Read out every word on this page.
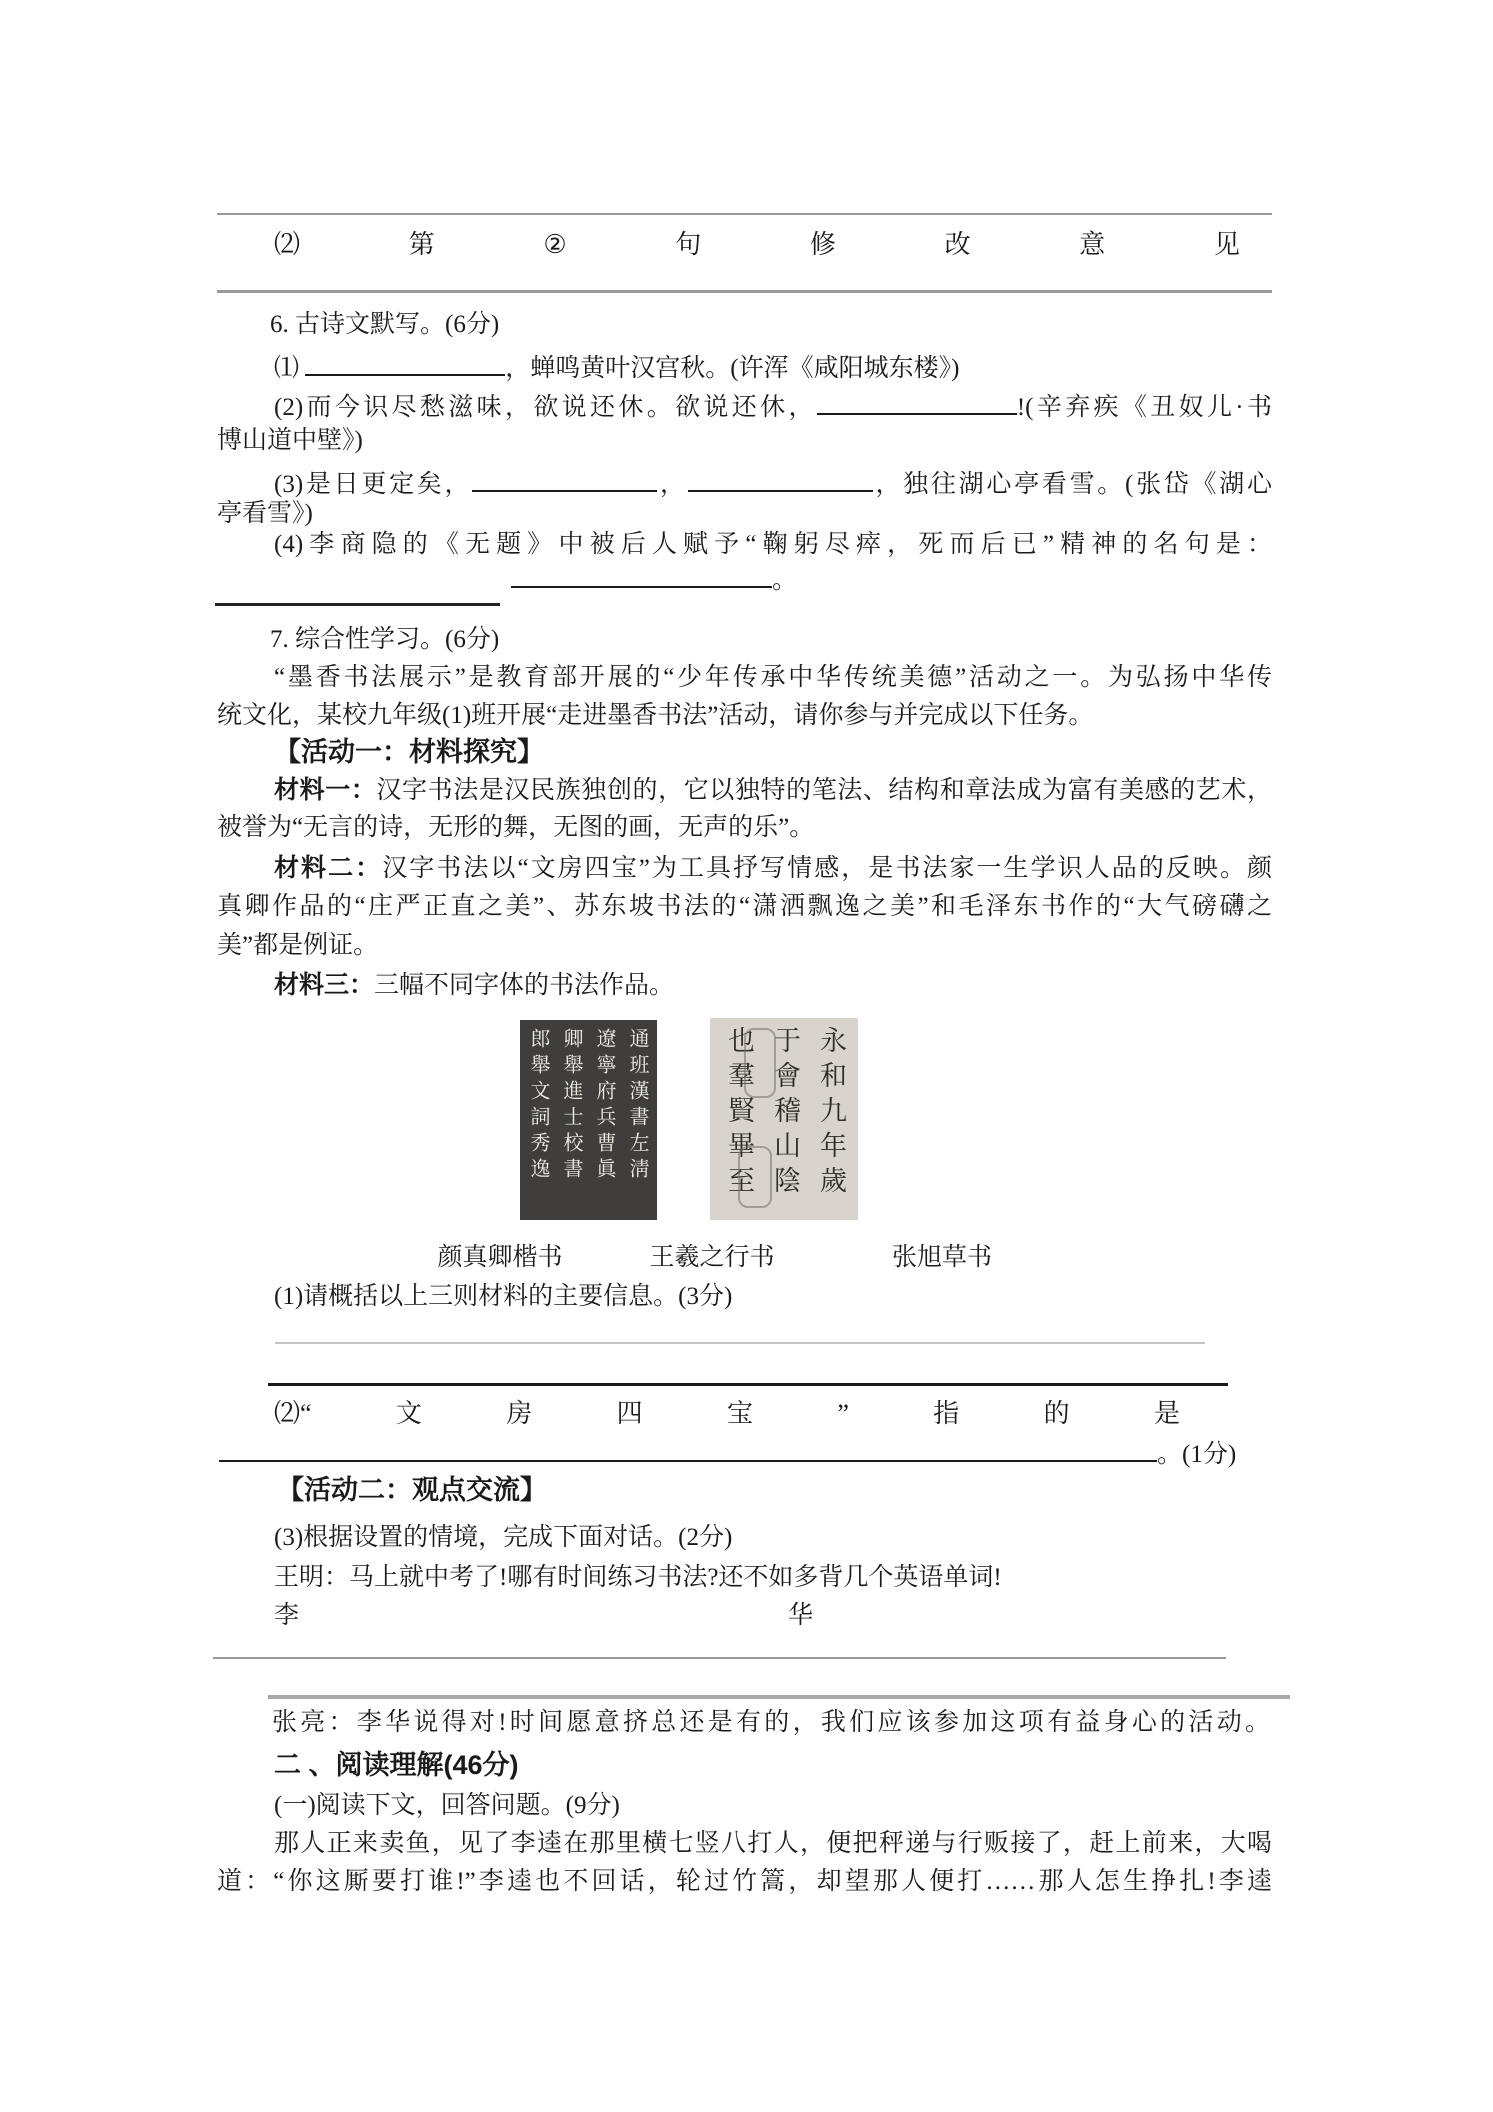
⑵	第	②	句	修	改	意	见
6. 古诗文默写。(6分)
⑴	，蝉鸣黄叶汉宫秋。(许浑《咸阳城东楼》)
(2)而今识尽愁滋味，欲说还休。欲说还休，	!(辛弃疾《丑奴儿·书
博山道中壁》)
(3)是日更定矣，	，	，独往湖心亭看雪。(张岱《湖心
亭看雪》)
(4)李商隐的《无题》中被后人赋予“鞠躬尽瘁，死而后已”精神的名句是：
。
7. 综合性学习。(6分)
“墨香书法展示”是教育部开展的“少年传承中华传统美德”活动之一。为弘扬中华传
统文化，某校九年级(1)班开展“走进墨香书法”活动，请你参与并完成以下任务。
【活动一：材料探究】
材料一：汉字书法是汉民族独创的，它以独特的笔法、结构和章法成为富有美感的艺术，
被誉为“无言的诗，无形的舞，无图的画，无声的乐”。
材料二：汉字书法以“文房四宝”为工具抒写情感，是书法家一生学识人品的反映。颜
真卿作品的“庄严正直之美”、苏东坡书法的“潇洒飘逸之美”和毛泽东书作的“大气磅礴之
美”都是例证。
材料三：三幅不同字体的书法作品。
颜真卿楷书	王羲之行书	张旭草书
(1)请概括以上三则材料的主要信息。(3分)
⑵“	文	房	四	宝	”	指	的	是
。(1分)
【活动二：观点交流】
(3)根据设置的情境，完成下面对话。(2分)
王明：马上就中考了!哪有时间练习书法?还不如多背几个英语单词!
李	华
张亮：李华说得对!时间愿意挤总还是有的，我们应该参加这项有益身心的活动。
二 、阅读理解(46分)
(一)阅读下文，回答问题。(9分)
那人正来卖鱼，见了李逵在那里横七竖八打人，便把秤递与行贩接了，赶上前来，大喝
道：“你这厮要打谁!”李逵也不回话，轮过竹篙，却望那人便打……那人怎生挣扎!李逵
通班漢書左淸
遼寧府兵曹眞
卿舉進士校書
郎舉文詞秀逸	永和九年歲
于會稽山陰
也羣賢畢至
